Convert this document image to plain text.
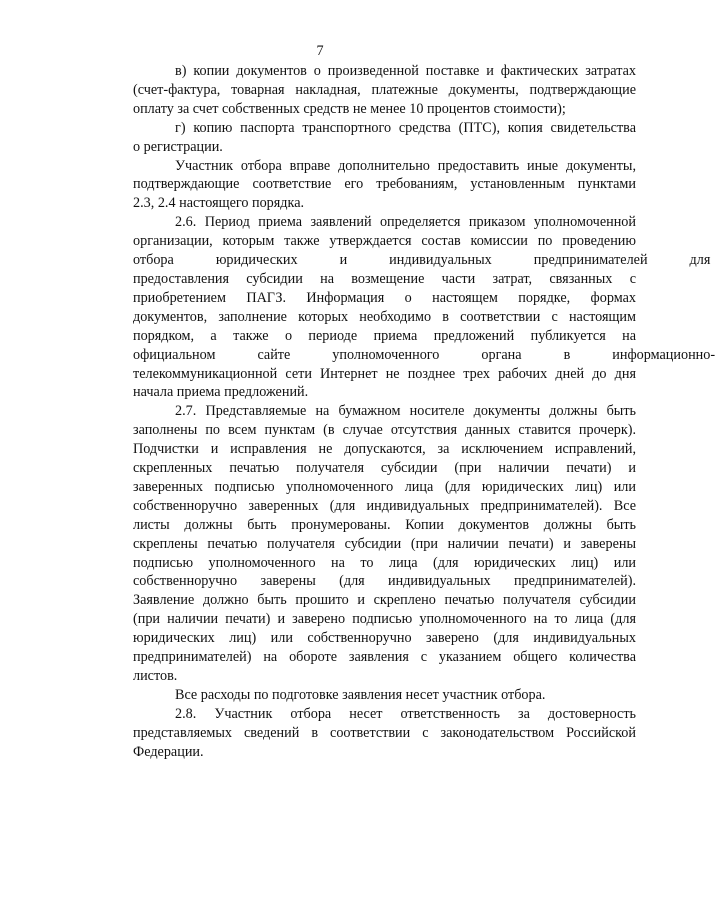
7
в) копии документов о произведенной поставке и фактических затратах
(счет-фактура, товарная накладная, платежные документы, подтверждающие
оплату за счет собственных средств не менее 10 процентов стоимости);
г) копию паспорта транспортного средства (ПТС), копия свидетельства
о регистрации.
Участник отбора вправе дополнительно предоставить иные документы,
подтверждающие соответствие его требованиям, установленным пунктами
2.3, 2.4 настоящего порядка.
2.6. Период приема заявлений определяется приказом уполномоченной
организации, которым также утверждается состав комиссии по проведению
отбора	юридических	и	индивидуальных	предпринимателей	для
предоставления субсидии на возмещение части затрат, связанных с
приобретением ПАГЗ. Информация о настоящем порядке, формах
документов, заполнение которых необходимо в соответствии с настоящим
порядком, а также о периоде приема предложений публикуется на
официальном	сайте	уполномоченного	органа	в	информационно-
телекоммуникационной сети Интернет не позднее трех рабочих дней до дня
начала приема предложений.
2.7. Представляемые на бумажном носителе документы должны быть
заполнены по всем пунктам (в случае отсутствия данных ставится прочерк).
Подчистки и исправления не допускаются, за исключением исправлений,
скрепленных печатью получателя субсидии (при наличии печати) и
заверенных подписью уполномоченного лица (для юридических лиц) или
собственноручно заверенных (для индивидуальных предпринимателей). Все
листы должны быть пронумерованы. Копии документов должны быть
скреплены печатью получателя субсидии (при наличии печати) и заверены
подписью уполномоченного на то лица (для юридических лиц) или
собственноручно заверены (для индивидуальных предпринимателей).
Заявление должно быть прошито и скреплено печатью получателя субсидии
(при наличии печати) и заверено подписью уполномоченного на то лица (для
юридических лиц) или собственноручно заверено (для индивидуальных
предпринимателей) на обороте заявления с указанием общего количества
листов.
Все расходы по подготовке заявления несет участник отбора.
2.8. Участник отбора несет ответственность за достоверность
представляемых сведений в соответствии с законодательством Российской
Федерации.
